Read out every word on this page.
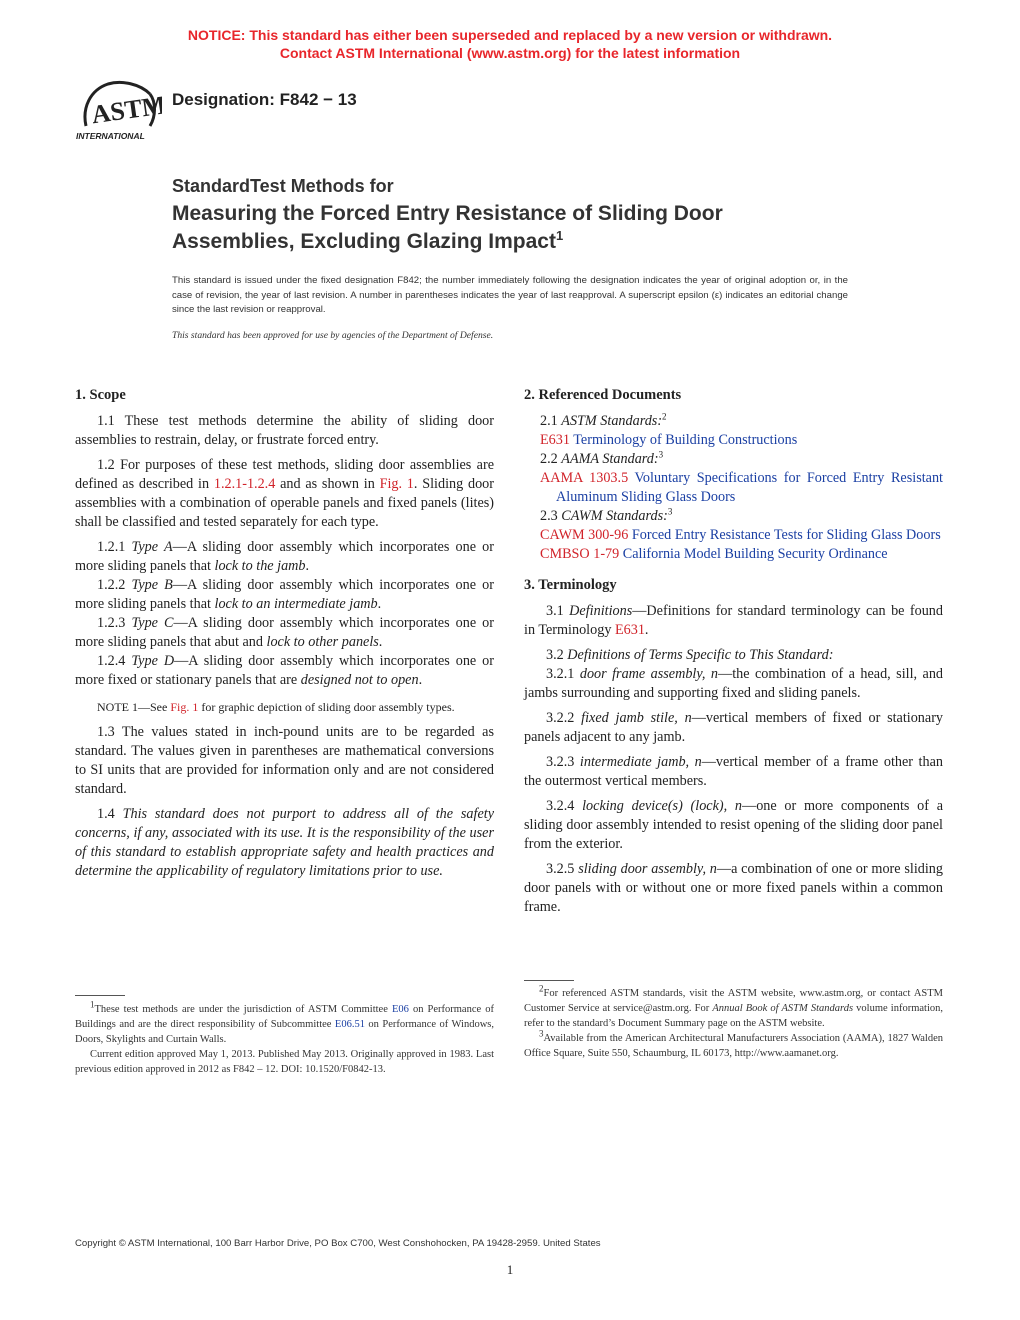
NOTICE: This standard has either been superseded and replaced by a new version or withdrawn.
Contact ASTM International (www.astm.org) for the latest information
ASTM
INTERNATIONAL
Designation: F842 − 13
StandardTest Methods for
Measuring the Forced Entry Resistance of Sliding Door
Assemblies, Excluding Glazing Impact$^1$
This standard is issued under the fixed designation F842; the number immediately following the designation indicates the year of original adoption or, in the case of revision, the year of last revision. A number in parentheses indicates the year of last reapproval. A superscript epsilon (ε) indicates an editorial change since the last revision or reapproval.
This standard has been approved for use by agencies of the Department of Defense.
1. Scope

1.1 These test methods determine the ability of sliding door assemblies to restrain, delay, or frustrate forced entry.

1.2 For purposes of these test methods, sliding door assemblies are defined as described in 1.2.1-1.2.4 and as shown in Fig. 1. Sliding door assemblies with a combination of operable panels and fixed panels (lites) shall be classified and tested separately for each type.

1.2.1 Type A—A sliding door assembly which incorporates one or more sliding panels that lock to the jamb.

1.2.2 Type B—A sliding door assembly which incorporates one or more sliding panels that lock to an intermediate jamb.

1.2.3 Type C—A sliding door assembly which incorporates one or more sliding panels that abut and lock to other panels.

1.2.4 Type D—A sliding door assembly which incorporates one or more fixed or stationary panels that are designed not to open.

NOTE 1—See Fig. 1 for graphic depiction of sliding door assembly types.

1.3 The values stated in inch-pound units are to be regarded as standard. The values given in parentheses are mathematical conversions to SI units that are provided for information only and are not considered standard.

1.4 This standard does not purport to address all of the safety concerns, if any, associated with its use. It is the responsibility of the user of this standard to establish appropriate safety and health practices and determine the applicability of regulatory limitations prior to use.

2. Referenced Documents

2.1 ASTM Standards:$^2$

E631 Terminology of Building Constructions

2.2 AAMA Standard:$^3$

AAMA 1303.5 Voluntary Specifications for Forced Entry Resistant Aluminum Sliding Glass Doors

2.3 CAWM Standards:$^3$

CAWM 300-96 Forced Entry Resistance Tests for Sliding Glass Doors

CMBSO 1-79 California Model Building Security Ordinance

3. Terminology

3.1 Definitions—Definitions for standard terminology can be found in Terminology E631.

3.2 Definitions of Terms Specific to This Standard:

3.2.1 door frame assembly, n—the combination of a head, sill, and jambs surrounding and supporting fixed and sliding panels.

3.2.2 fixed jamb stile, n—vertical members of fixed or stationary panels adjacent to any jamb.

3.2.3 intermediate jamb, n—vertical member of a frame other than the outermost vertical members.

3.2.4 locking device(s) (lock), n—one or more components of a sliding door assembly intended to resist opening of the sliding door panel from the exterior.

3.2.5 sliding door assembly, n—a combination of one or more sliding door panels with or without one or more fixed panels within a common frame.

$^1$These test methods are under the jurisdiction of ASTM Committee E06 on Performance of Buildings and are the direct responsibility of Subcommittee E06.51 on Performance of Windows, Doors, Skylights and Curtain Walls.

Current edition approved May 1, 2013. Published May 2013. Originally approved in 1983. Last previous edition approved in 2012 as F842 – 12. DOI: 10.1520/F0842-13.

$^2$For referenced ASTM standards, visit the ASTM website, www.astm.org, or contact ASTM Customer Service at service@astm.org. For Annual Book of ASTM Standards volume information, refer to the standard’s Document Summary page on the ASTM website.

$^3$Available from the American Architectural Manufacturers Association (AAMA), 1827 Walden Office Square, Suite 550, Schaumburg, IL 60173, http://www.aamanet.org.

Copyright © ASTM International, 100 Barr Harbor Drive, PO Box C700, West Conshohocken, PA 19428-2959. United States
1
